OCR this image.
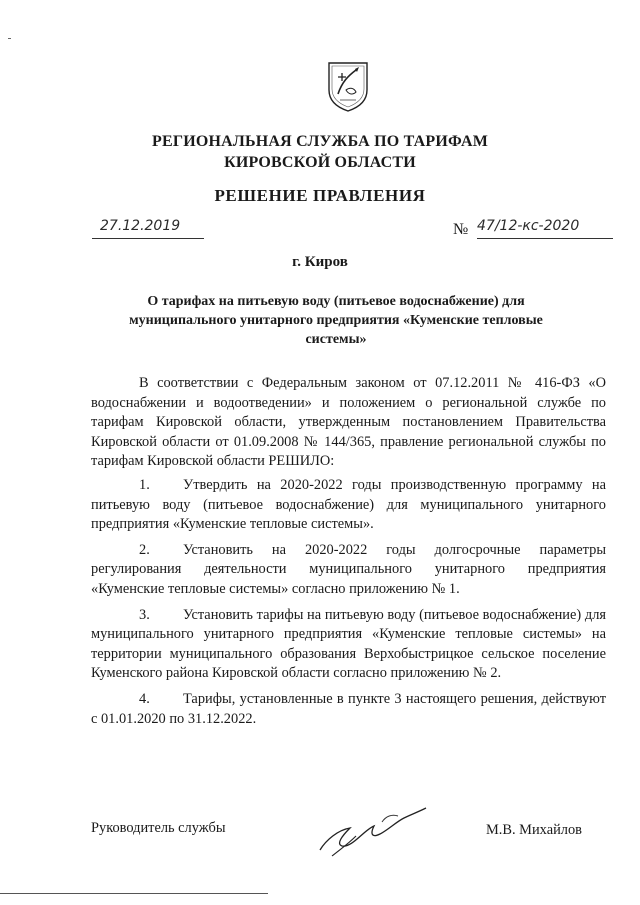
РЕГИОНАЛЬНАЯ СЛУЖБА ПО ТАРИФАМ
КИРОВСКОЙ ОБЛАСТИ
РЕШЕНИЕ ПРАВЛЕНИЯ
27.12.2019	№ 47/12-кс-2020
г. Киров
О тарифах на питьевую воду (питьевое водоснабжение) для
муниципального унитарного предприятия «Куменские тепловые
системы»

В соответствии с Федеральным законом от 07.12.2011 № 416-ФЗ «О водоснабжении и водоотведении» и положением о региональной службе по тарифам Кировской области, утвержденным постановлением Правительства Кировской области от 01.09.2008 № 144/365, правление региональной службы по тарифам Кировской области РЕШИЛО:

1. Утвердить на 2020-2022 годы производственную программу на питьевую воду (питьевое водоснабжение) для муниципального унитарного предприятия «Куменские тепловые системы».

2. Установить на 2020-2022 годы долгосрочные параметры регулирования деятельности муниципального унитарного предприятия «Куменские тепловые системы» согласно приложению № 1.

3. Установить тарифы на питьевую воду (питьевое водоснабжение) для муниципального унитарного предприятия «Куменские тепловые системы» на территории муниципального образования Верхобыстрицкое сельское поселение Куменского района Кировской области согласно приложению № 2.

4. Тарифы, установленные в пункте 3 настоящего решения, действуют с 01.01.2020 по 31.12.2022.

Руководитель службы	М.В. Михайлов
